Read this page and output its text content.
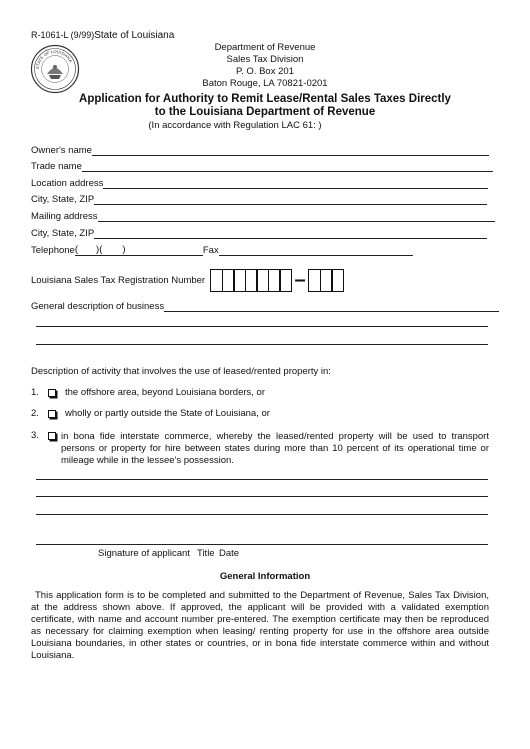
R-1061-L (9/99)State of Louisiana
STATE OF LOUISIANA
Department of Revenue
Sales Tax Division
P. O. Box 201
Baton Rouge, LA 70821-0201
Application for Authority to Remit Lease/Rental Sales Taxes Directly
to the Louisiana Department of Revenue
(In accordance with Regulation LAC 61: )
Owner's name
Trade name
Location address
City, State, ZIP
Mailing address
City, State, ZIP
Telephone ( )( )	Fax
Louisiana Sales Tax Registration Number	–
General description of business
Description of activity that involves the use of leased/rented property in:
1.	the offshore area, beyond Louisiana borders, or
2.	wholly or partly outside the State of Louisiana, or
3.	in bona fide interstate commerce, whereby the leased/rented property will be used to transport persons or property for hire between states during more than 10 percent of its operational time or mileage while in the lessee's possession.
Signature of applicant Title Date
General Information
This application form is to be completed and submitted to the Department of Revenue, Sales Tax Division, at the address shown above. If approved, the applicant will be provided with a validated exemption certificate, with name and account number pre-entered. The exemption certificate may then be reproduced as necessary for claiming exemption when leasing/ renting property for use in the offshore area outside Louisiana boundaries, in other states or countries, or in bona fide interstate commerce within and without Louisiana.
